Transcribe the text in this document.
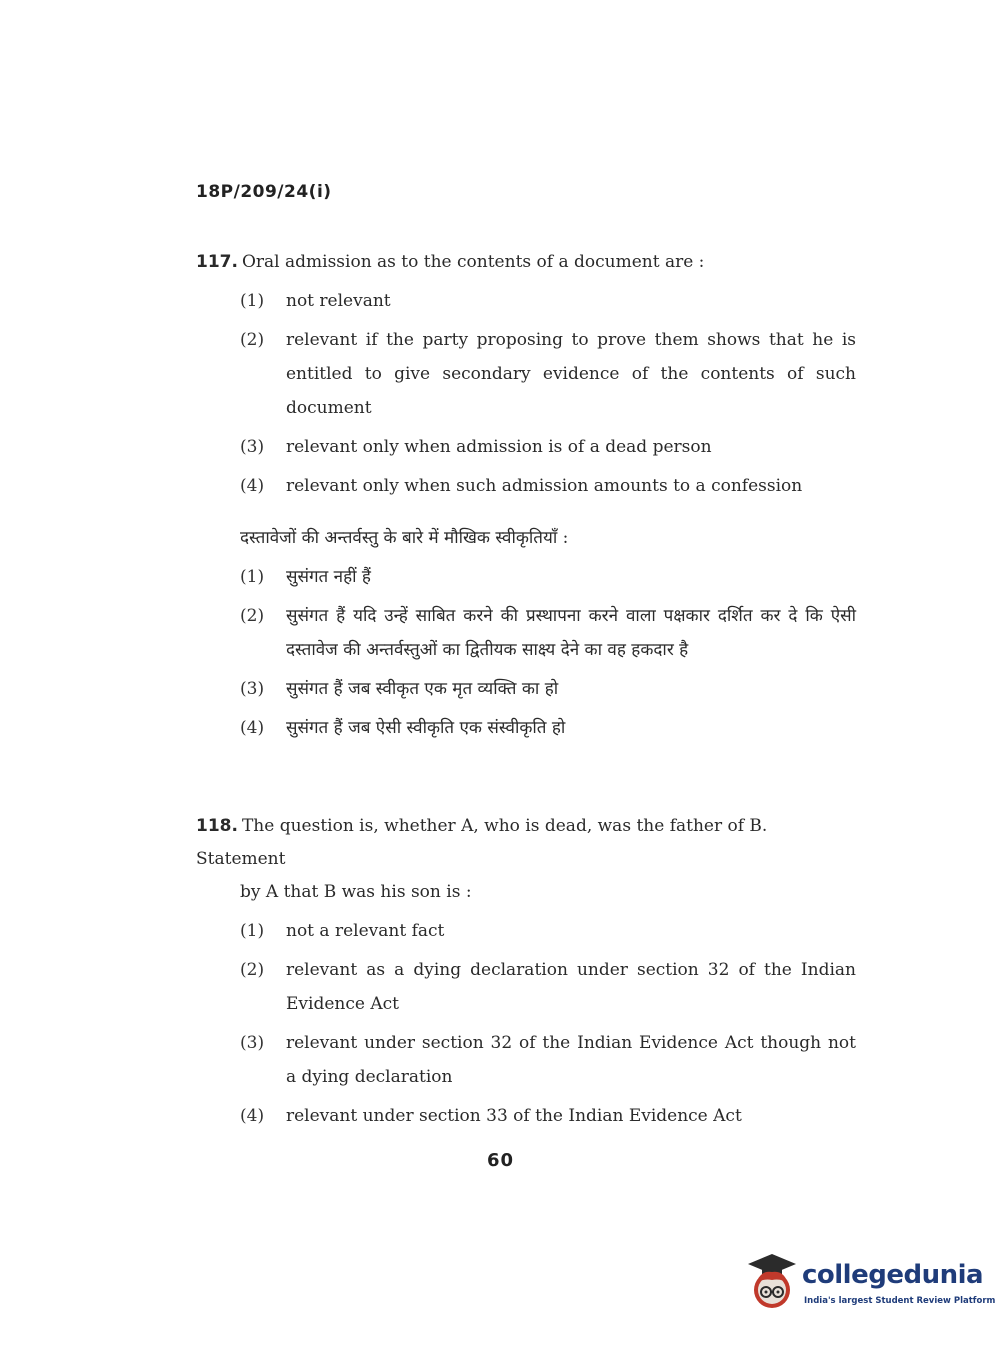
18P/209/24(i)
117. Oral admission as to the contents of a document are :
(1)	not relevant
(2)	relevant if the party proposing to prove them shows that he is entitled to give secondary evidence of the contents of such document
(3)	relevant only when admission is of a dead person
(4)	relevant only when such admission amounts to a confession
दस्तावेजों की अन्तर्वस्तु के बारे में मौखिक स्वीकृतियाँ :
(1)	सुसंगत नहीं हैं
(2)	सुसंगत हैं यदि उन्हें साबित करने की प्रस्थापना करने वाला पक्षकार दर्शित कर दे कि ऐसी दस्तावेज की अन्तर्वस्तुओं का द्वितीयक साक्ष्य देने का वह हकदार है
(3)	सुसंगत हैं जब स्वीकृत एक मृत व्यक्ति का हो
(4)	सुसंगत हैं जब ऐसी स्वीकृति एक संस्वीकृति हो
118. The question is, whether A, who is dead, was the father of B. Statement
by A that B was his son is :
(1)	not a relevant fact
(2)	relevant as a dying declaration under section 32 of the Indian Evidence Act
(3)	relevant under section 32 of the Indian Evidence Act though not a dying declaration
(4)	relevant under section 33 of the Indian Evidence Act
60
collegedunia
India's largest Student Review Platform
